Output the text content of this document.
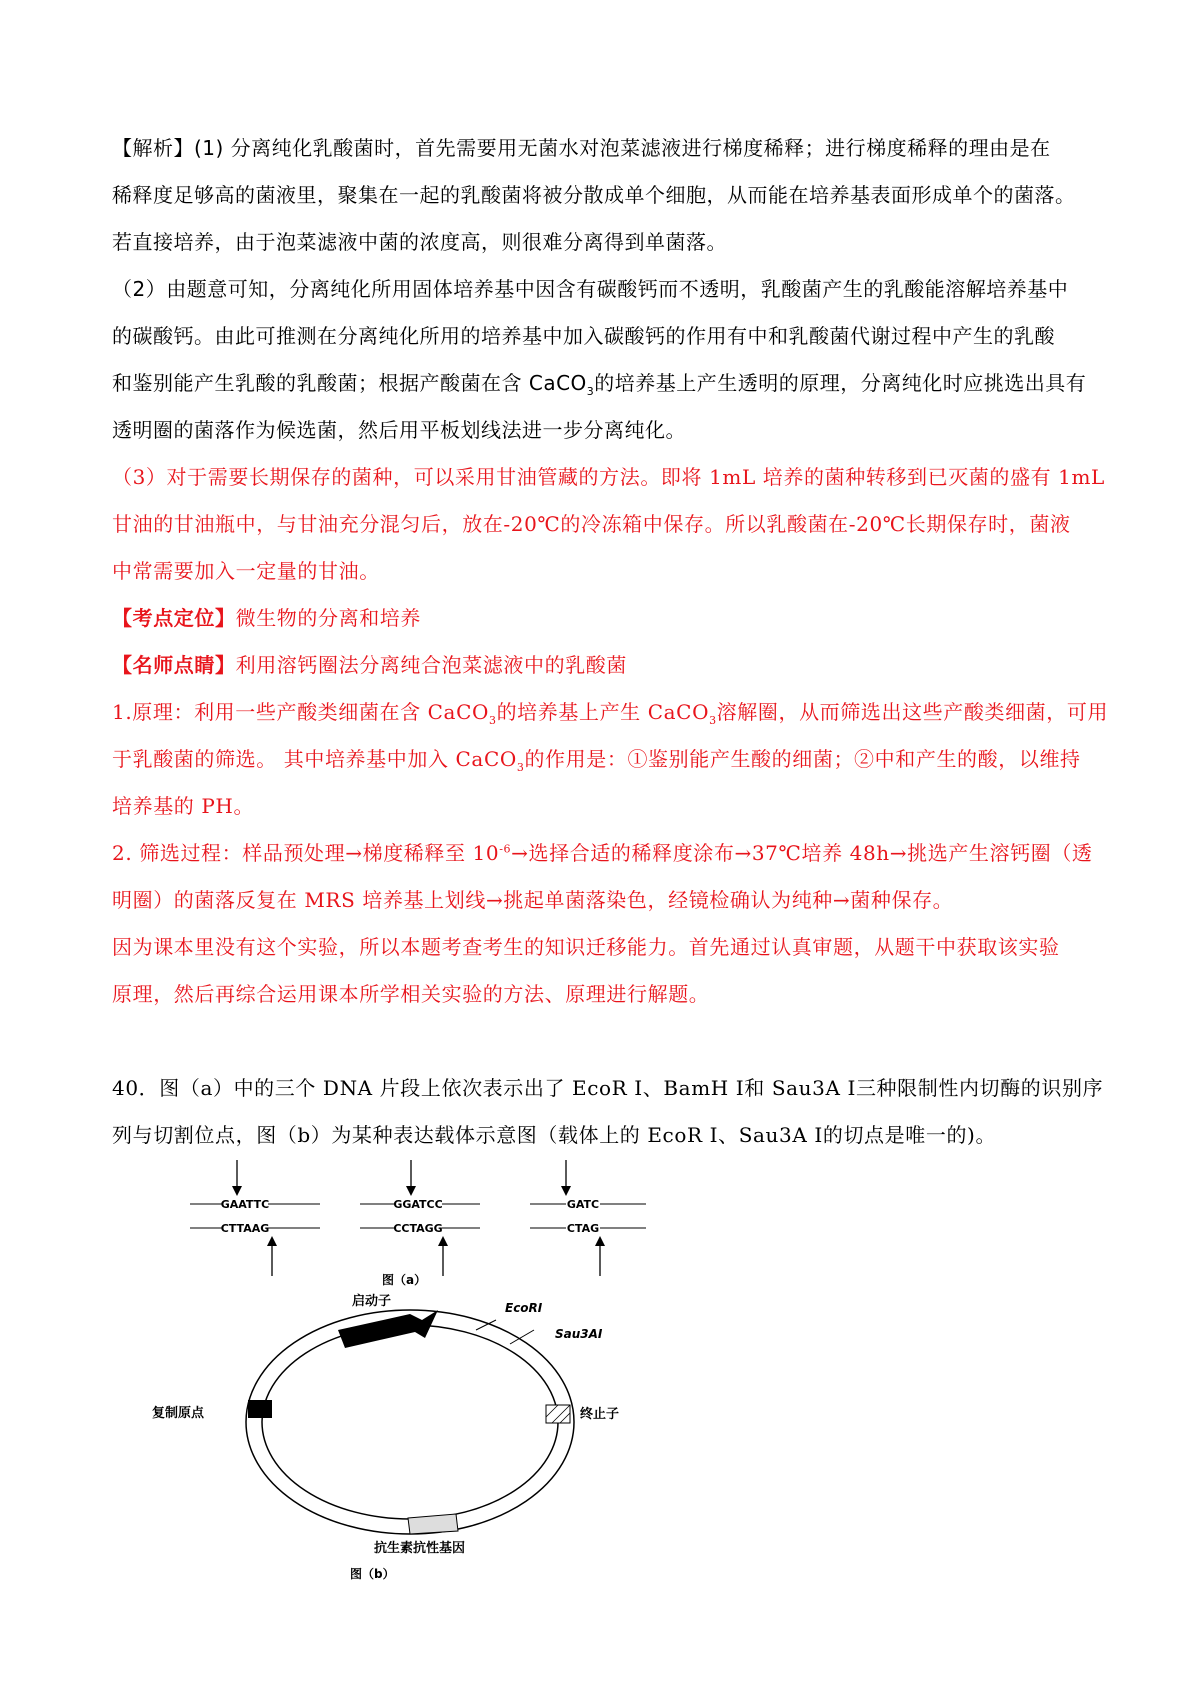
【解析】(1) 分离纯化乳酸菌时，首先需要用无菌水对泡菜滤液进行梯度稀释；进行梯度稀释的理由是在
稀释度足够高的菌液里，聚集在一起的乳酸菌将被分散成单个细胞，从而能在培养基表面形成单个的菌落。
若直接培养，由于泡菜滤液中菌的浓度高，则很难分离得到单菌落。
（2）由题意可知，分离纯化所用固体培养基中因含有碳酸钙而不透明，乳酸菌产生的乳酸能溶解培养基中
的碳酸钙。由此可推测在分离纯化所用的培养基中加入碳酸钙的作用有中和乳酸菌代谢过程中产生的乳酸
和鉴别能产生乳酸的乳酸菌；根据产酸菌在含 CaCO$_3$的培养基上产生透明的原理，分离纯化时应挑选出具有
透明圈的菌落作为候选菌，然后用平板划线法进一步分离纯化。
（3）对于需要长期保存的菌种，可以采用甘油管藏的方法。即将 1mL 培养的菌种转移到已灭菌的盛有 1mL
甘油的甘油瓶中，与甘油充分混匀后，放在-20℃的冷冻箱中保存。所以乳酸菌在-20℃长期保存时，菌液
中常需要加入一定量的甘油。
【考点定位】微生物的分离和培养
【名师点睛】利用溶钙圈法分离纯合泡菜滤液中的乳酸菌
1.原理：利用一些产酸类细菌在含 CaCO$_3$的培养基上产生 CaCO$_3$溶解圈，从而筛选出这些产酸类细菌，可用
于乳酸菌的筛选。 其中培养基中加入 CaCO$_3$的作用是：①鉴别能产生酸的细菌；②中和产生的酸，以维持
培养基的 PH。
2. 筛选过程：样品预处理→梯度稀释至 $10^{-6}\to$选择合适的稀释度涂布→37℃培养 48h→挑选产生溶钙圈（透
明圈）的菌落反复在 MRS 培养基上划线→挑起单菌落染色，经镜检确认为纯种→菌种保存。
因为课本里没有这个实验，所以本题考查考生的知识迁移能力。首先通过认真审题，从题干中获取该实验
原理，然后再综合运用课本所学相关实验的方法、原理进行解题。
40．图（a）中的三个 DNA 片段上依次表示出了 EcoR Ⅰ、BamH Ⅰ和 Sau3A Ⅰ三种限制性内切酶的识别序
列与切割位点，图（b）为某种表达载体示意图（载体上的 EcoR Ⅰ、Sau3A Ⅰ的切点是唯一的)。
GAATTC
CTTAAG
GGATCC
CCTAGG
GATC
CTAG
图（a）
启动子	EcoRI
Sau3AI
复制原点	终止子
抗生素抗性基因
图（b）
